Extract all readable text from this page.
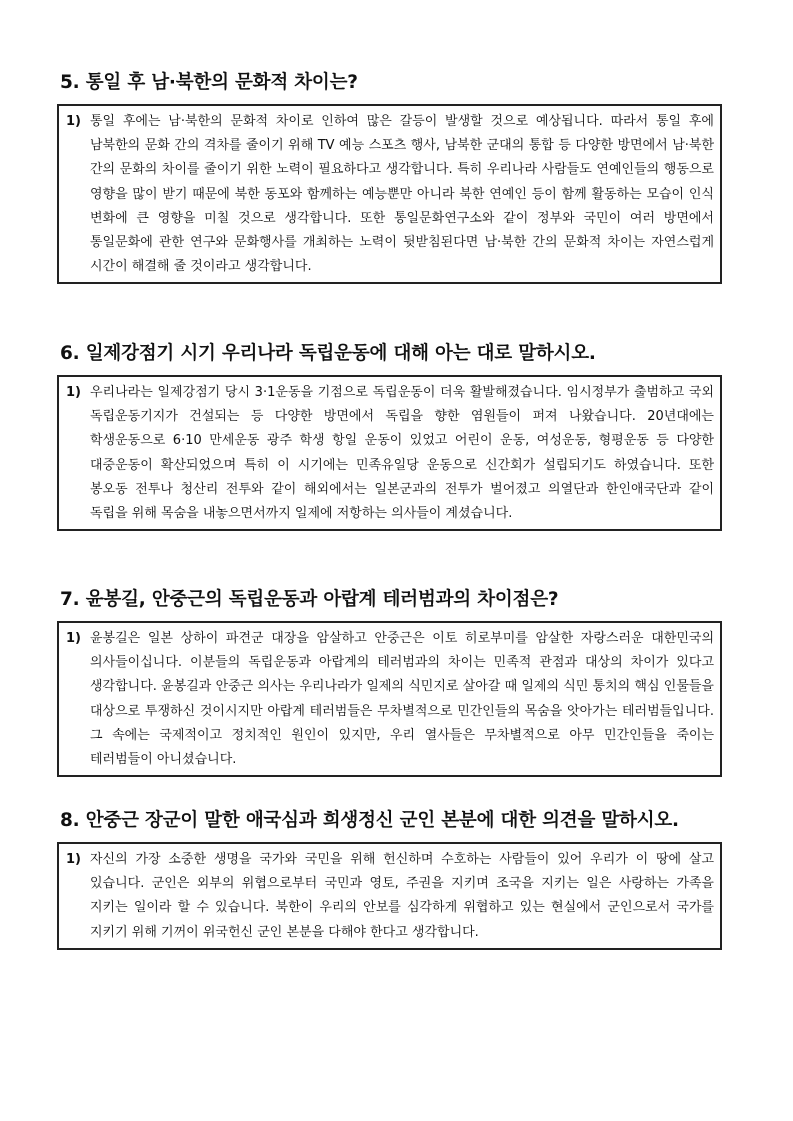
5. 통일 후 남·북한의 문화적 차이는?
1) 통일 후에는 남·북한의 문화적 차이로 인하여 많은 갈등이 발생할 것으로 예상됩니다. 따라서 통일 후에 남북한의 문화 간의 격차를 줄이기 위해 TV 예능 스포츠 행사, 남북한 군대의 통합 등 다양한 방면에서 남·북한 간의 문화의 차이를 줄이기 위한 노력이 필요하다고 생각합니다. 특히 우리나라 사람들도 연예인들의 행동으로 영향을 많이 받기 때문에 북한 동포와 함께하는 예능뿐만 아니라 북한 연예인 등이 함께 활동하는 모습이 인식 변화에 큰 영향을 미칠 것으로 생각합니다. 또한 통일문화연구소와 같이 정부와 국민이 여러 방면에서 통일문화에 관한 연구와 문화행사를 개최하는 노력이 뒷받침된다면 남·북한 간의 문화적 차이는 자연스럽게 시간이 해결해 줄 것이라고 생각합니다.
6. 일제강점기 시기 우리나라 독립운동에 대해 아는 대로 말하시오.
1) 우리나라는 일제강점기 당시 3·1운동을 기점으로 독립운동이 더욱 활발해졌습니다. 임시정부가 출범하고 국외 독립운동기지가 건설되는 등 다양한 방면에서 독립을 향한 염원들이 퍼져 나왔습니다. 20년대에는 학생운동으로 6·10 만세운동 광주 학생 항일 운동이 있었고 어린이 운동, 여성운동, 형평운동 등 다양한 대중운동이 확산되었으며 특히 이 시기에는 민족유일당 운동으로 신간회가 설립되기도 하였습니다. 또한 봉오동 전투나 청산리 전투와 같이 해외에서는 일본군과의 전투가 벌어졌고 의열단과 한인애국단과 같이 독립을 위해 목숨을 내놓으면서까지 일제에 저항하는 의사들이 계셨습니다.
7. 윤봉길, 안중근의 독립운동과 아랍계 테러범과의 차이점은?
1) 윤봉길은 일본 상하이 파견군 대장을 암살하고 안중근은 이토 히로부미를 암살한 자랑스러운 대한민국의 의사들이십니다. 이분들의 독립운동과 아랍계의 테러범과의 차이는 민족적 관점과 대상의 차이가 있다고 생각합니다. 윤봉길과 안중근 의사는 우리나라가 일제의 식민지로 살아갈 때 일제의 식민 통치의 핵심 인물들을 대상으로 투쟁하신 것이시지만 아랍계 테러범들은 무차별적으로 민간인들의 목숨을 앗아가는 테러범들입니다. 그 속에는 국제적이고 정치적인 원인이 있지만, 우리 열사들은 무차별적으로 아무 민간인들을 죽이는 테러범들이 아니셨습니다.
8. 안중근 장군이 말한 애국심과 희생정신 군인 본분에 대한 의견을 말하시오.
1) 자신의 가장 소중한 생명을 국가와 국민을 위해 헌신하며 수호하는 사람들이 있어 우리가 이 땅에 살고 있습니다. 군인은 외부의 위협으로부터 국민과 영토, 주권을 지키며 조국을 지키는 일은 사랑하는 가족을 지키는 일이라 할 수 있습니다. 북한이 우리의 안보를 심각하게 위협하고 있는 현실에서 군인으로서 국가를 지키기 위해 기꺼이 위국헌신 군인 본분을 다해야 한다고 생각합니다.
